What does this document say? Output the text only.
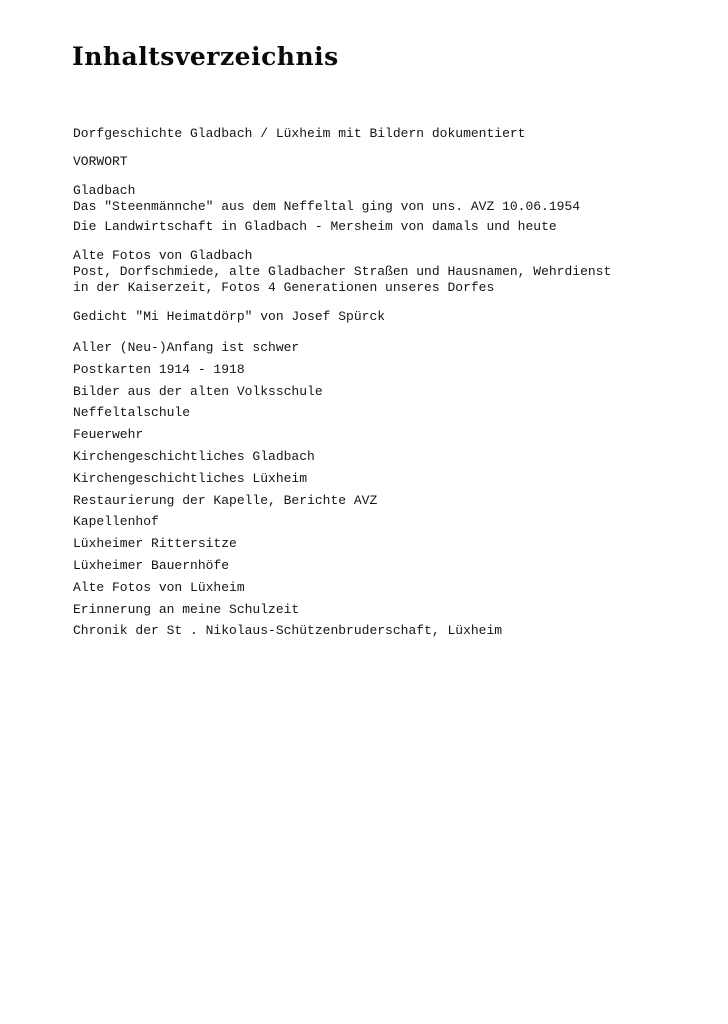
Inhaltsverzeichnis
Dorfgeschichte Gladbach / Lüxheim mit Bildern dokumentiert
VORWORT
Gladbach
Das "Steenmännche" aus dem Neffeltal ging von uns. AVZ 10.06.1954
Die Landwirtschaft in Gladbach - Mersheim von damals und heute
Alte Fotos von Gladbach
Post, Dorfschmiede, alte Gladbacher Straßen und Hausnamen, Wehrdienst
in der Kaiserzeit, Fotos 4 Generationen unseres Dorfes
Gedicht "Mi Heimatdörp" von Josef Spürck
Aller (Neu-)Anfang ist schwer
Postkarten 1914 - 1918
Bilder aus der alten Volksschule
Neffeltalschule
Feuerwehr
Kirchengeschichtliches Gladbach
Kirchengeschichtliches Lüxheim
Restaurierung der Kapelle, Berichte AVZ
Kapellenhof
Lüxheimer Rittersitze
Lüxheimer Bauernhöfe
Alte Fotos von Lüxheim
Erinnerung an meine Schulzeit
Chronik der St . Nikolaus-Schützenbruderschaft, Lüxheim
